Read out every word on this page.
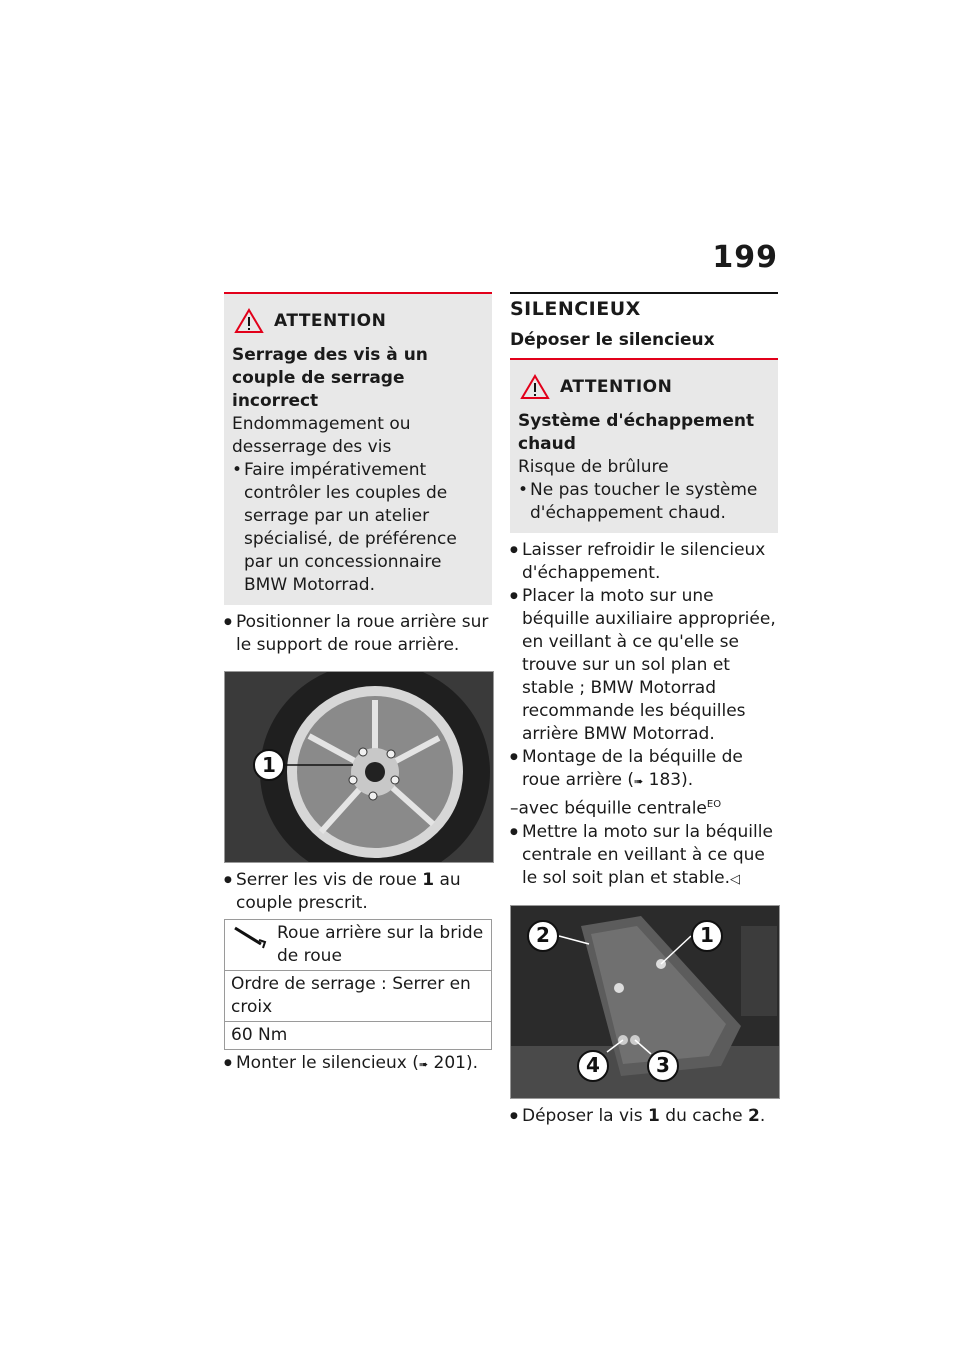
199
ATTENTION
Serrage des vis à un couple de serrage incorrect
Endommagement ou desserrage des vis
• Faire impérativement contrôler les couples de serrage par un atelier spécialisé, de préférence par un concessionnaire BMW Motorrad.
● Positionner la roue arrière sur le support de roue arrière.
1
● Serrer les vis de roue 1 au couple prescrit.
Roue arrière sur la bride de roue
Ordre de serrage : Serrer en croix
60 Nm
● Monter le silencieux (➠ 201).
SILENCIEUX
Déposer le silencieux
ATTENTION
Système d'échappement chaud
Risque de brûlure
• Ne pas toucher le système d'échappement chaud.
● Laisser refroidir le silencieux d'échappement.
● Placer la moto sur une béquille auxiliaire appropriée, en veillant à ce qu'elle se trouve sur un sol plan et stable ; BMW Motorrad recommande les béquilles arrière BMW Motorrad.
● Montage de la béquille de roue arrière (➠ 183).
–avec béquille centrale$^{EO}$
● Mettre la moto sur la béquille centrale en veillant à ce que le sol soit plan et stable.◁
2	1
4	3
● Déposer la vis 1 du cache 2.
